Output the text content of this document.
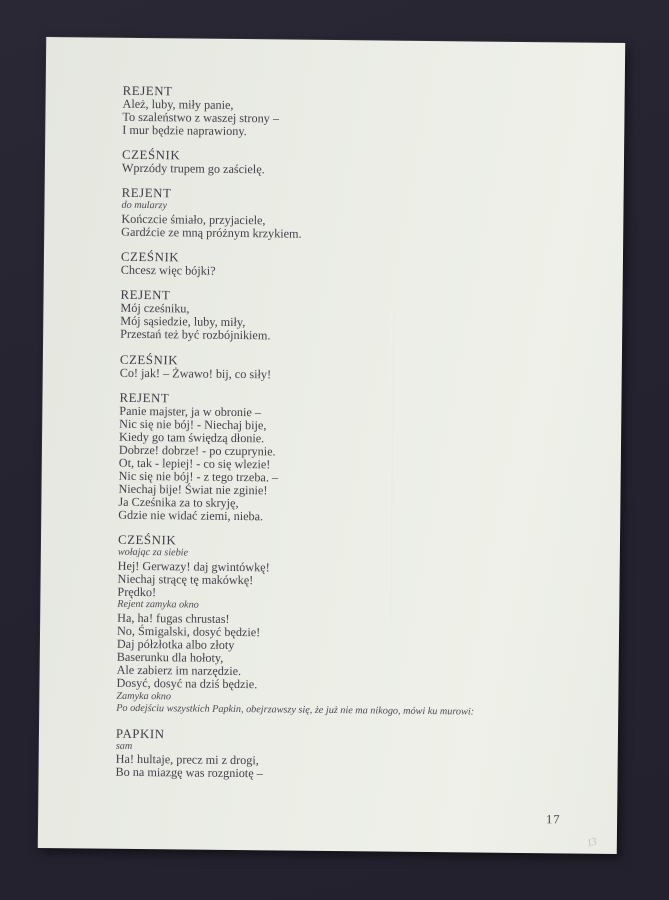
REJENT
Ależ, luby, miły panie,
To szaleństwo z waszej strony –
I mur będzie naprawiony.
CZEŚNIK
Wprzódy trupem go zaścielę.
REJENT
do mularzy
Kończcie śmiało, przyjaciele,
Gardźcie ze mną próżnym krzykiem.
CZEŚNIK
Chcesz więc bójki?
REJENT
Mój cześniku,
Mój sąsiedzie, luby, miły,
Przestań też być rozbójnikiem.
CZEŚNIK
Co! jak! – Żwawo! bij, co siły!
REJENT
Panie majster, ja w obronie –
Nic się nie bój! - Niechaj bije,
Kiedy go tam świędzą dłonie.
Dobrze! dobrze! - po czuprynie.
Ot, tak - lepiej! - co się wlezie!
Nic się nie bój! - z tego trzeba. –
Niechaj bije! Świat nie zginie!
Ja Cześnika za to skryję,
Gdzie nie widać ziemi, nieba.
CZEŚNIK
wołając za siebie
Hej! Gerwazy! daj gwintówkę!
Niechaj strącę tę makówkę!
Prędko!
Rejent zamyka okno
Ha, ha! fugas chrustas!
No, Śmigalski, dosyć będzie!
Daj półzłotka albo złoty
Baserunku dla hołoty,
Ale zabierz im narzędzie.
Dosyć, dosyć na dziś będzie.
Zamyka okno
Po odejściu wszystkich Papkin, obejrzawszy się, że już nie ma nikogo, mówi ku murowi:
PAPKIN
sam
Ha! hultaje, precz mi z drogi,
Bo na miazgę was rozgniotę –
17
13
